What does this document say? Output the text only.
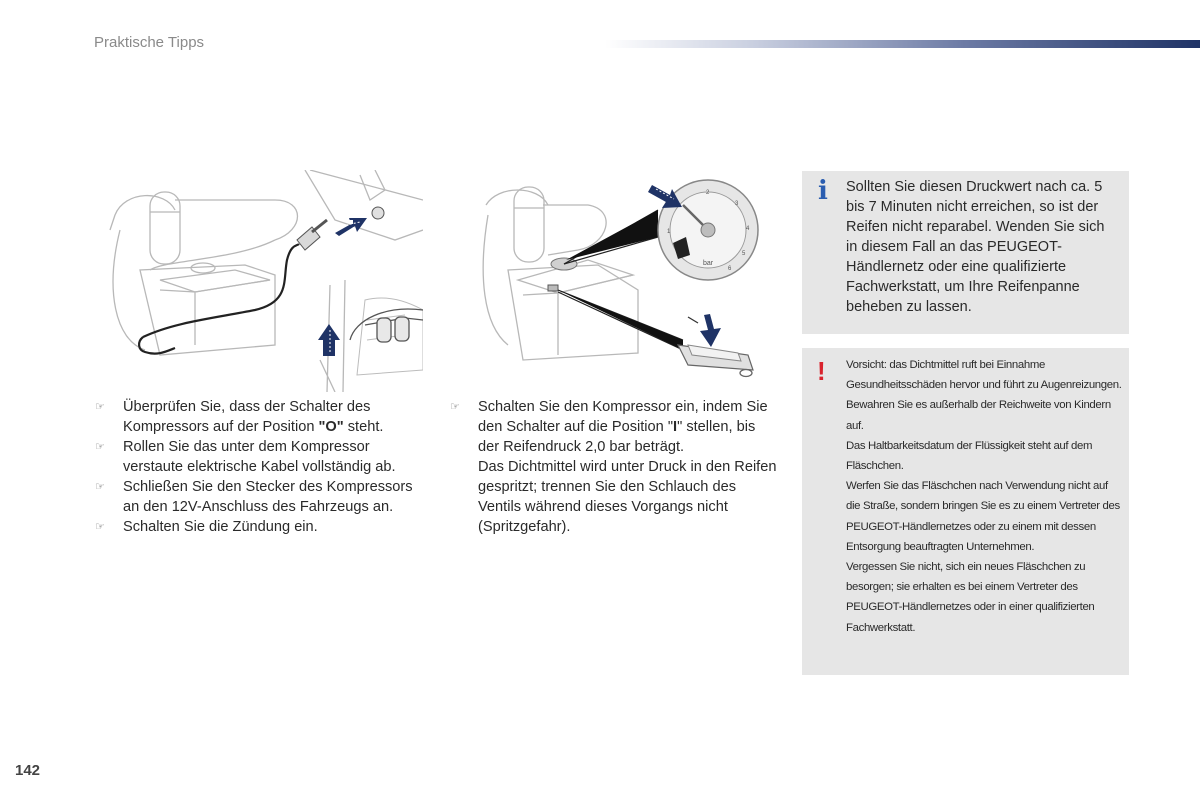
Praktische Tipps
1
2
3
4
5
6
bar
☞	Überprüfen Sie, dass der Schalter des Kompressors auf der Position "O" steht.
☞	Rollen Sie das unter dem Kompressor verstaute elektrische Kabel vollständig ab.
☞	Schließen Sie den Stecker des Kompressors an den 12V-Anschluss des Fahrzeugs an.
☞	Schalten Sie die Zündung ein.
☞	Schalten Sie den Kompressor ein, indem Sie den Schalter auf die Position "I" stellen, bis der Reifendruck 2,0 bar beträgt.
Das Dichtmittel wird unter Druck in den Reifen gespritzt; trennen Sie den Schlauch des Ventils während dieses Vorgangs nicht (Spritzgefahr).
i Sollten Sie diesen Druckwert nach ca. 5 bis 7 Minuten nicht erreichen, so ist der Reifen nicht reparabel. Wenden Sie sich in diesem Fall an das PEUGEOT-Händlernetz oder eine qualifizierte Fachwerkstatt, um Ihre Reifenpanne beheben zu lassen.
! Vorsicht: das Dichtmittel ruft bei Einnahme Gesundheitsschäden hervor und führt zu Augenreizungen.

Bewahren Sie es außerhalb der Reichweite von Kindern auf.

Das Haltbarkeitsdatum der Flüssigkeit steht auf dem Fläschchen.

Werfen Sie das Fläschchen nach Verwendung nicht auf die Straße, sondern bringen Sie es zu einem Vertreter des PEUGEOT-Händlernetzes oder zu einem mit dessen Entsorgung beauftragten Unternehmen.

Vergessen Sie nicht, sich ein neues Fläschchen zu besorgen; sie erhalten es bei einem Vertreter des PEUGEOT-Händlernetzes oder in einer qualifizierten Fachwerkstatt.

142
